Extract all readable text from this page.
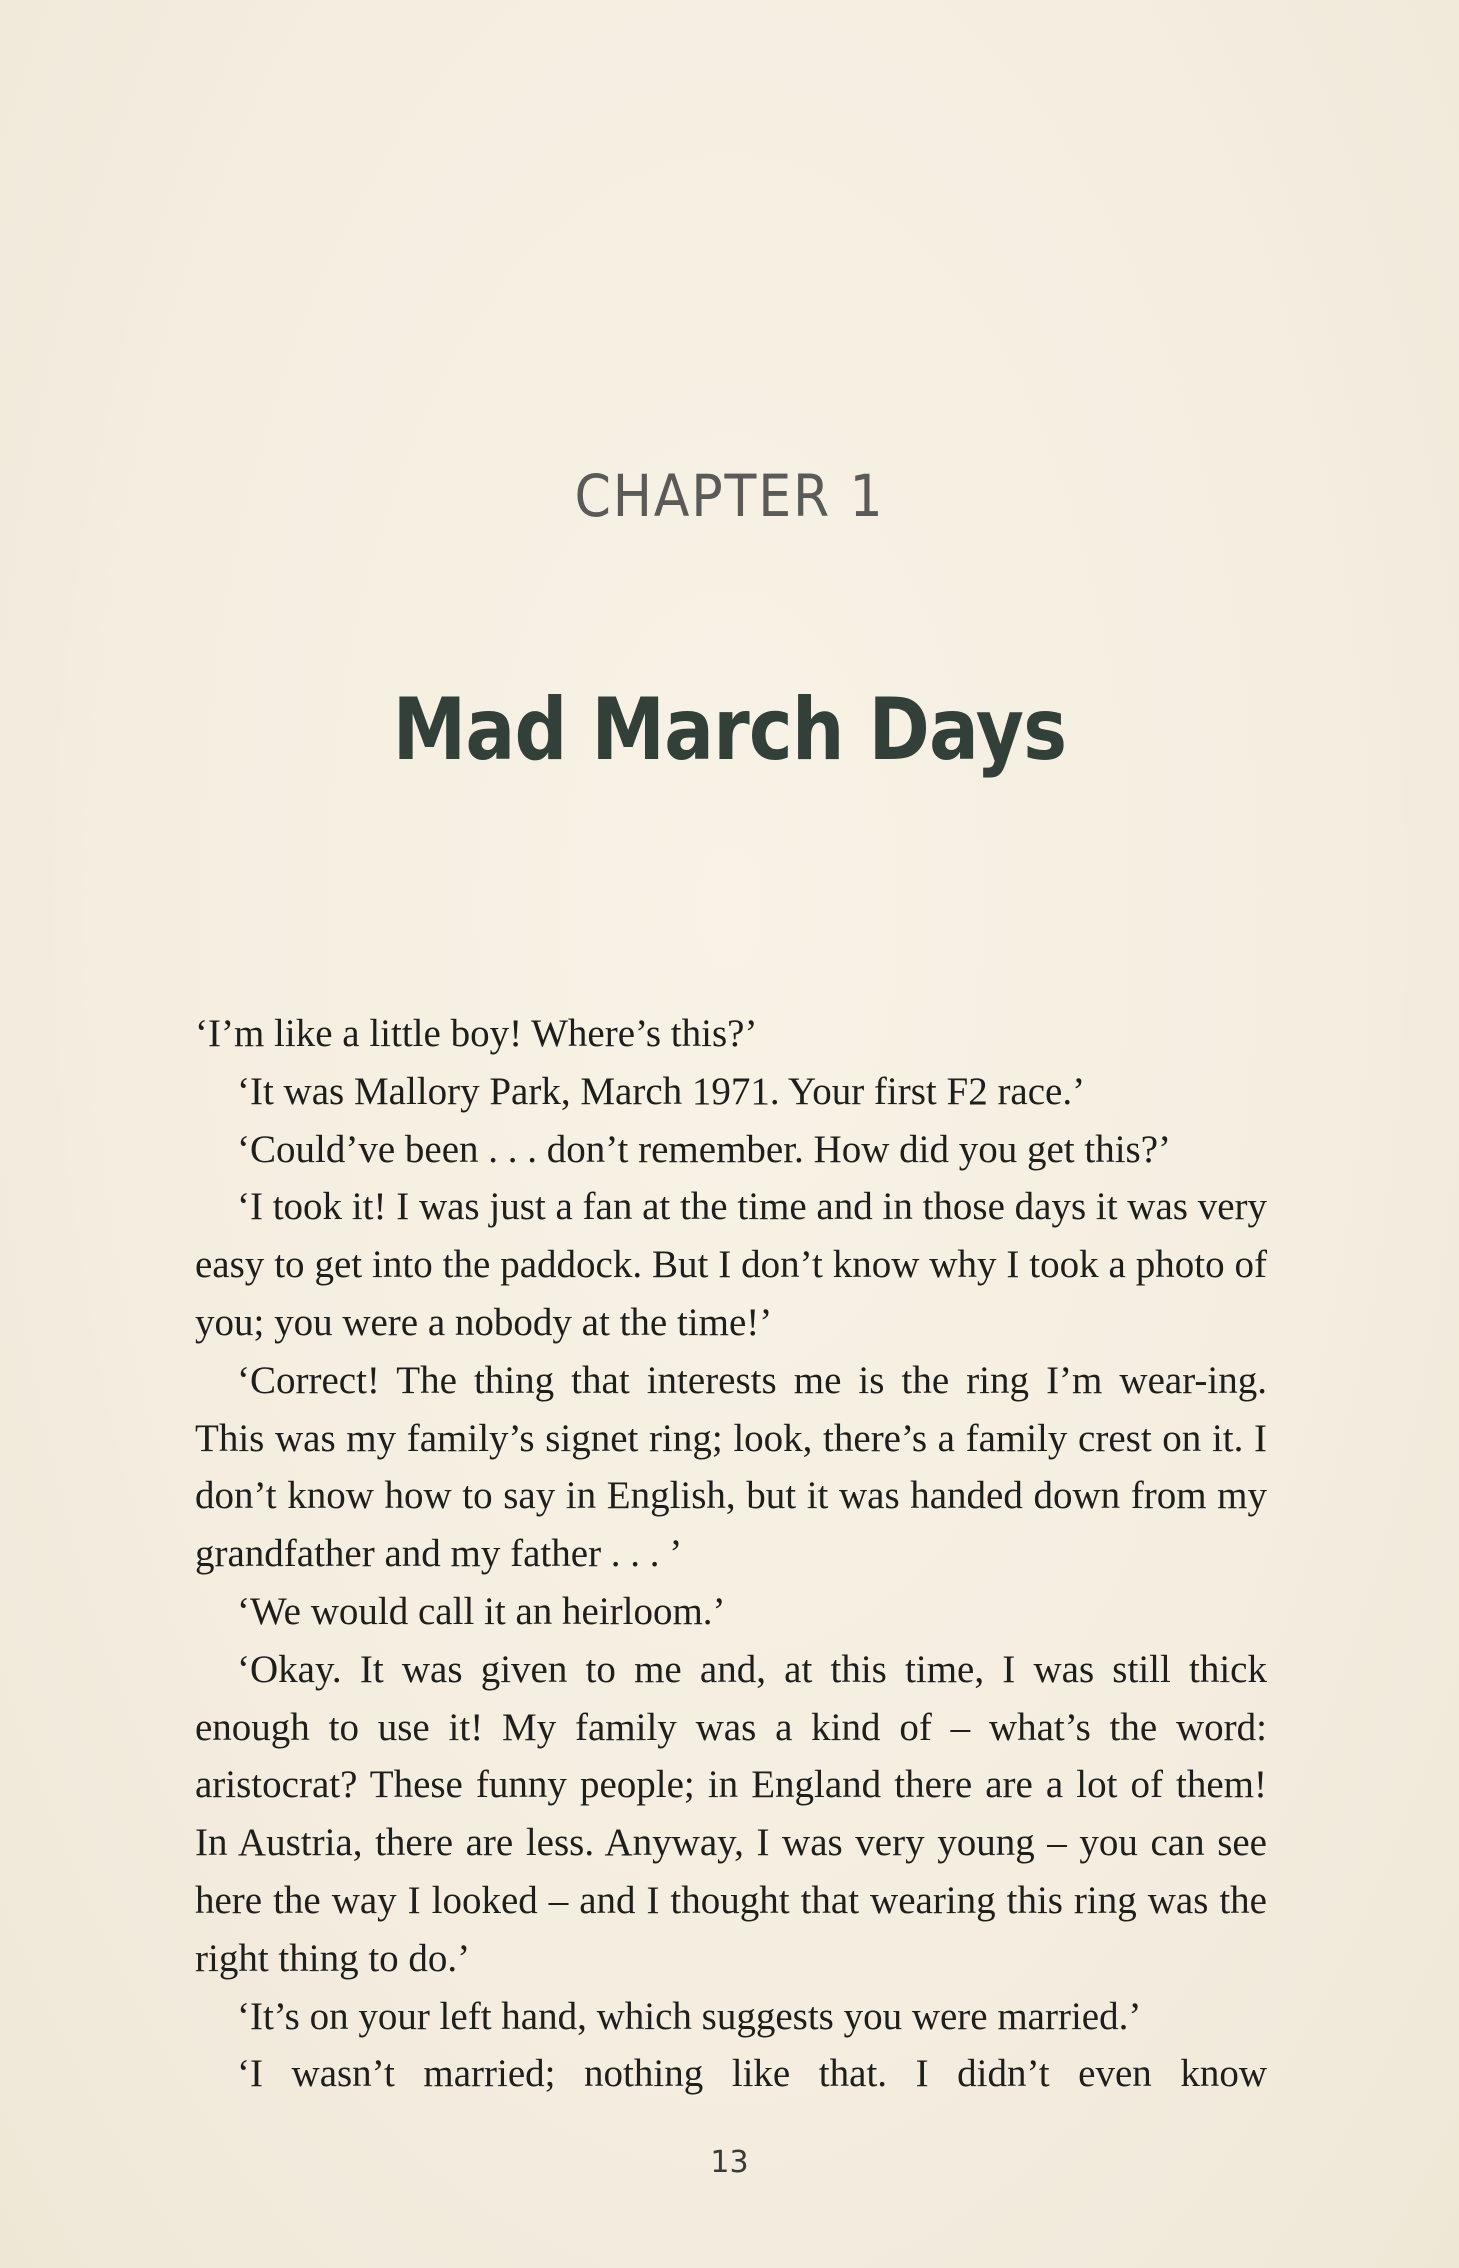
CHAPTER 1
Mad March Days

‘I’m like a little boy! Where’s this?’

‘It was Mallory Park, March 1971. Your first F2 race.’

‘Could’ve been . . . don’t remember. How did you get this?’

‘I took it! I was just a fan at the time and in those days it was very easy to get into the paddock. But I don’t know why I took a photo of you; you were a nobody at the time!’

‘Correct! The thing that interests me is the ring I’m wear-ing. This was my family’s signet ring; look, there’s a family crest on it. I don’t know how to say in English, but it was handed down from my grandfather and my father . . . ’

‘We would call it an heirloom.’

‘Okay. It was given to me and, at this time, I was still thick enough to use it! My family was a kind of – what’s the word: aristocrat? These funny people; in England there are a lot of them! In Austria, there are less. Anyway, I was very young – you can see here the way I looked – and I thought that wearing this ring was the right thing to do.’

‘It’s on your left hand, which suggests you were married.’

‘I wasn’t married; nothing like that. I didn’t even know

13
